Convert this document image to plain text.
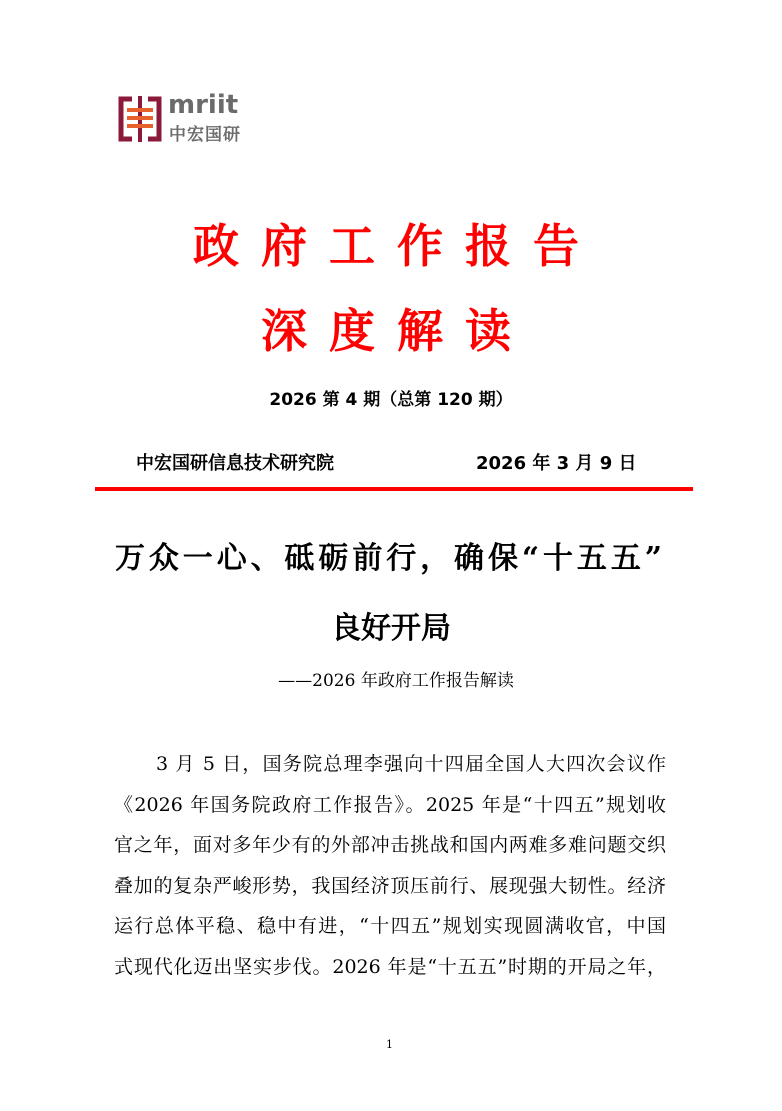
mriit
中宏国研
政府工作报告
深度解读
2026 第 4 期（总第 120 期）
中宏国研信息技术研究院	2026 年 3 月 9 日
万众一心、砥砺前行，确保“十五五”
良好开局
——2026 年政府工作报告解读
3 月 5 日，国务院总理李强向十四届全国人大四次会议作
《2026 年国务院政府工作报告》。2025 年是“十四五”规划收
官之年，面对多年少有的外部冲击挑战和国内两难多难问题交织
叠加的复杂严峻形势，我国经济顶压前行、展现强大韧性。经济
运行总体平稳、稳中有进，“十四五”规划实现圆满收官，中国
式现代化迈出坚实步伐。2026 年是“十五五”时期的开局之年，
1
